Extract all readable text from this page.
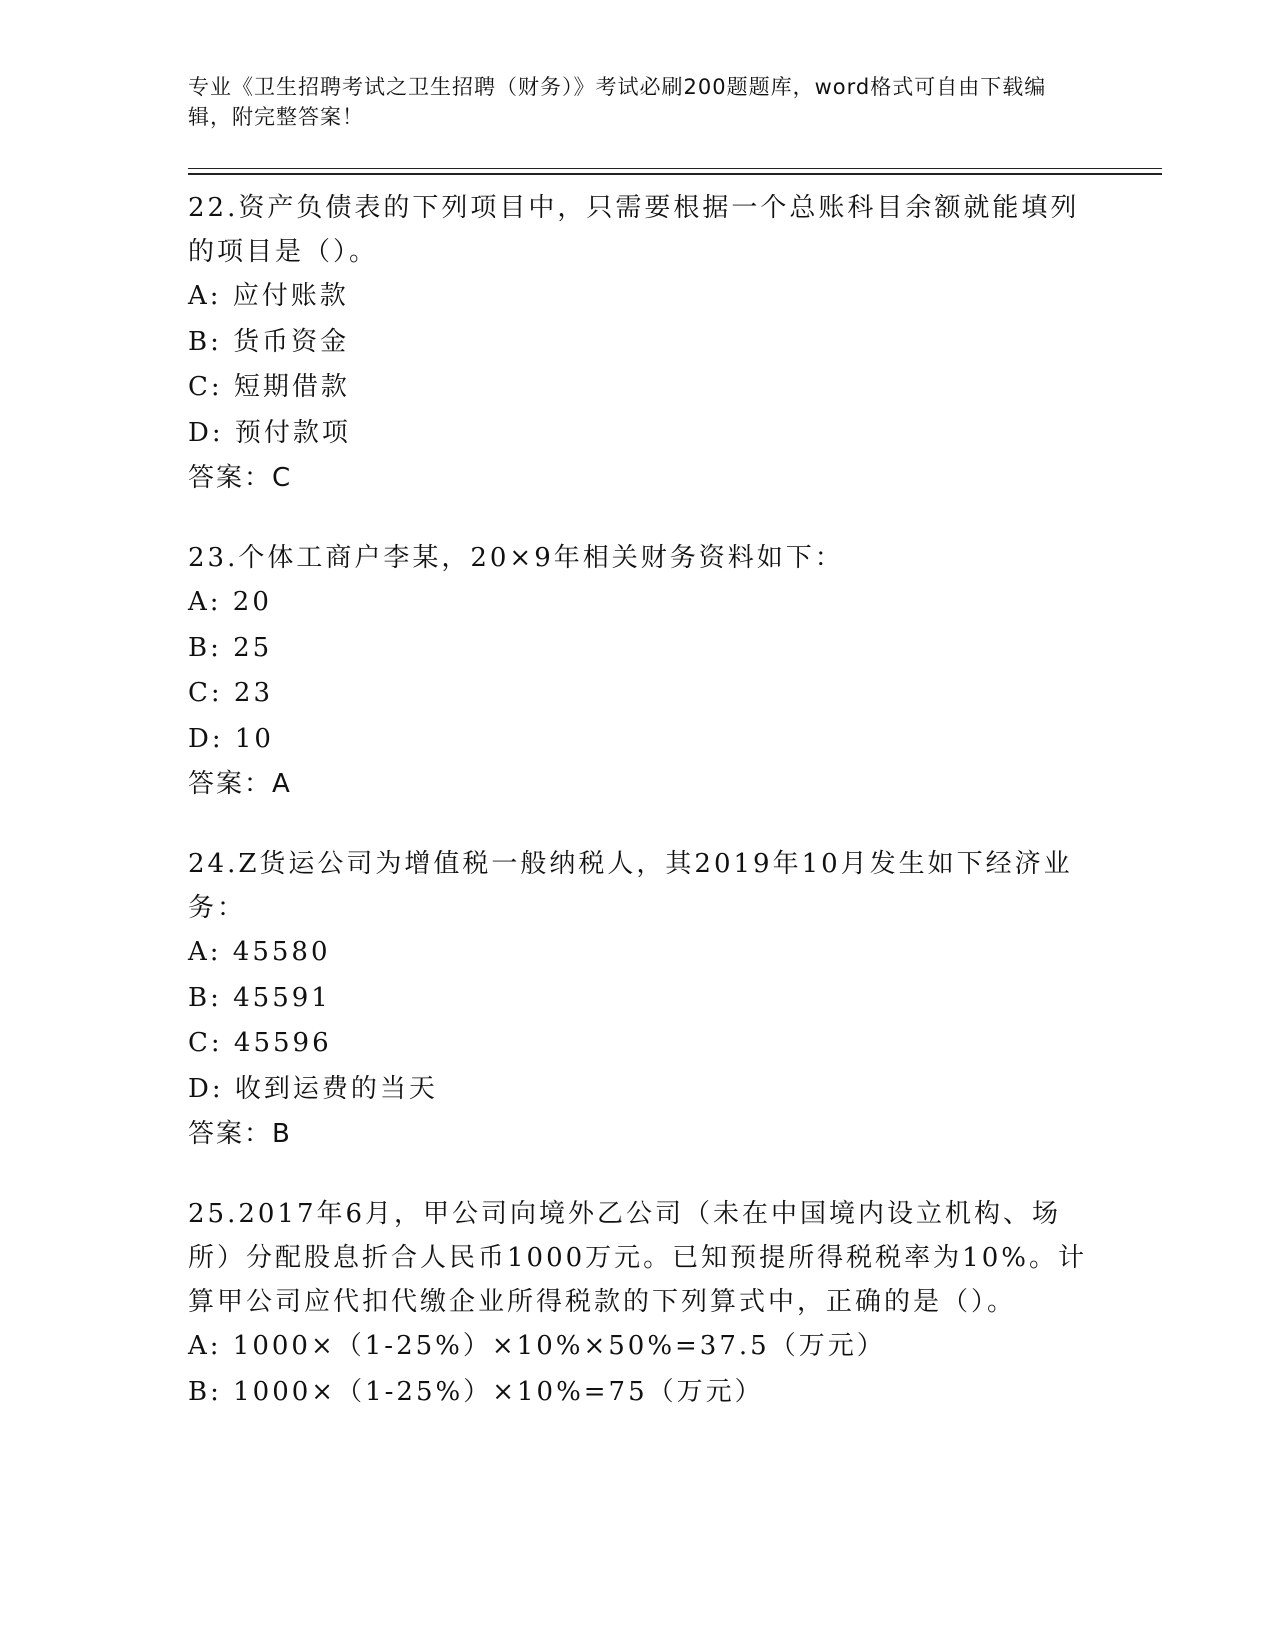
专业《卫生招聘考试之卫生招聘（财务）》考试必刷200题题库，word格式可自由下载编辑，附完整答案！

22.资产负债表的下列项目中，只需要根据一个总账科目余额就能填列的项目是（）。

A: 应付账款

B: 货币资金

C: 短期借款

D: 预付款项

答案：C

23.个体工商户李某，20×9年相关财务资料如下：

A: 20

B: 25

C: 23

D: 10

答案：A

24.Z货运公司为增值税一般纳税人，其2019年10月发生如下经济业务：

A: 45580

B: 45591

C: 45596

D: 收到运费的当天

答案：B

25.2017年6月，甲公司向境外乙公司（未在中国境内设立机构、场所）分配股息折合人民币1000万元。已知预提所得税税率为10%。计算甲公司应代扣代缴企业所得税款的下列算式中，正确的是（）。

A: 1000×（1-25%）×10%×50%=37.5（万元）

B: 1000×（1-25%）×10%=75（万元）
